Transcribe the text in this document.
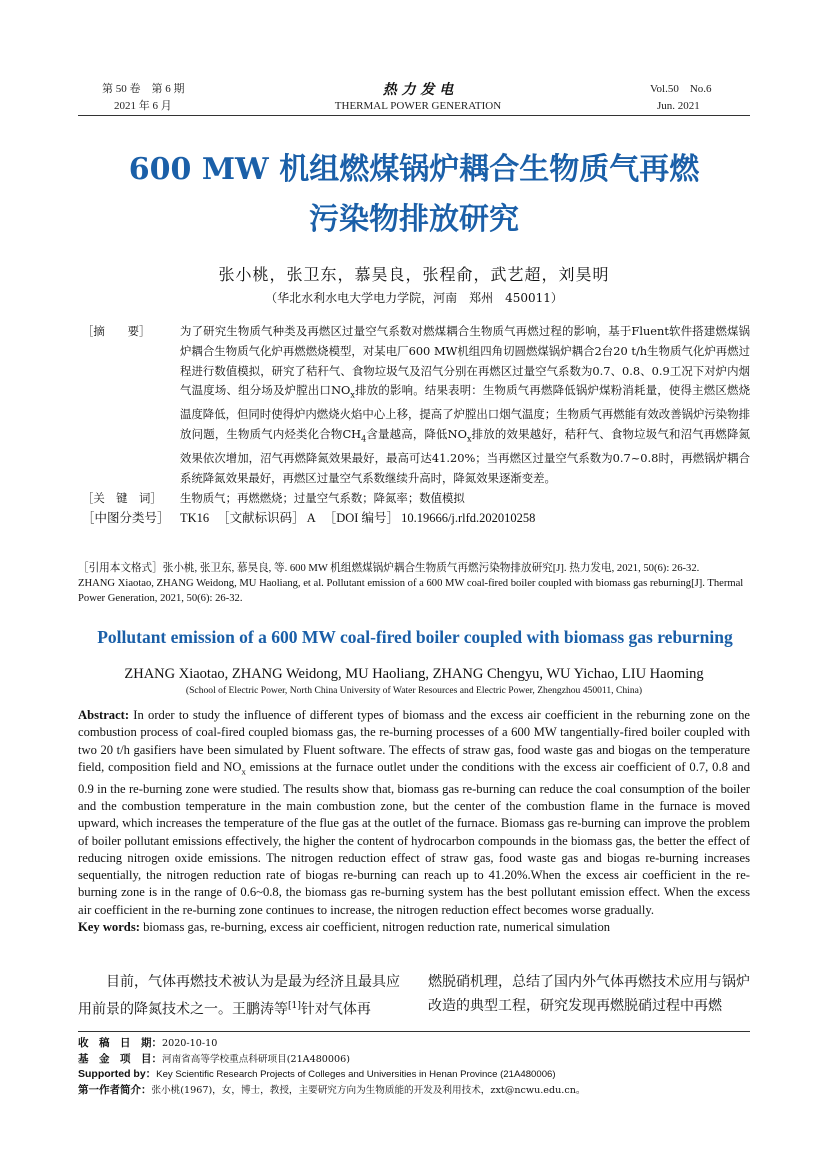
第 50 卷　第 6 期
2021 年 6 月
热 力 发 电
THERMAL POWER GENERATION
Vol.50　No.6
Jun. 2021
600 MW 机组燃煤锅炉耦合生物质气再燃
污染物排放研究
张小桃，张卫东，慕昊良，张程俞，武艺超，刘昊明
（华北水利水电大学电力学院，河南　郑州　450011）
［摘　　要］	为了研究生物质气种类及再燃区过量空气系数对燃煤耦合生物质气再燃过程的影响，基于Fluent软件搭建燃煤锅炉耦合生物质气化炉再燃燃烧模型，对某电厂600 MW机组四角切圆燃煤锅炉耦合2台20 t/h生物质气化炉再燃过程进行数值模拟，研究了秸秆气、食物垃圾气及沼气分别在再燃区过量空气系数为0.7、0.8、0.9工况下对炉内烟气温度场、组分场及炉膛出口$NO_x$排放的影响。结果表明：生物质气再燃降低锅炉煤粉消耗量，使得主燃区燃烧温度降低，但同时使得炉内燃烧火焰中心上移，提高了炉膛出口烟气温度；生物质气再燃能有效改善锅炉污染物排放问题，生物质气内烃类化合物$CH_4$含量越高，降低$NO_x$排放的效果越好，秸秆气、食物垃圾气和沼气再燃降氮效果依次增加，沼气再燃降氮效果最好，最高可达41.20%；当再燃区过量空气系数为0.7~0.8时，再燃锅炉耦合系统降氮效果最好，再燃区过量空气系数继续升高时，降氮效果逐渐变差。
［关　键　词］	生物质气；再燃燃烧；过量空气系数；降氮率；数值模拟
［中图分类号］ TK16 ［文献标识码］ A ［DOI 编号］ 10.19666/j.rlfd.202010258
［引用本文格式］张小桃, 张卫东, 慕昊良, 等. 600 MW 机组燃煤锅炉耦合生物质气再燃污染物排放研究[J]. 热力发电, 2021, 50(6): 26-32.　　ZHANG Xiaotao, ZHANG Weidong, MU Haoliang, et al. Pollutant emission of a 600 MW coal-fired boiler coupled with biomass gas reburning[J]. Thermal Power Generation, 2021, 50(6): 26-32.
Pollutant emission of a 600 MW coal-fired boiler coupled with biomass gas reburning
ZHANG Xiaotao, ZHANG Weidong, MU Haoliang, ZHANG Chengyu, WU Yichao, LIU Haoming
(School of Electric Power, North China University of Water Resources and Electric Power, Zhengzhou 450011, China)
Abstract: In order to study the influence of different types of biomass and the excess air coefficient in the reburning zone on the combustion process of coal-fired coupled biomass gas, the re-burning processes of a 600 MW tangentially-fired boiler coupled with two 20 t/h gasifiers have been simulated by Fluent software. The effects of straw gas, food waste gas and biogas on the temperature field, composition field and $NO_x$ emissions at the furnace outlet under the conditions with the excess air coefficient of 0.7, 0.8 and 0.9 in the re-burning zone were studied. The results show that, biomass gas re-burning can reduce the coal consumption of the boiler and the combustion temperature in the main combustion zone, but the center of the combustion flame in the furnace is moved upward, which increases the temperature of the flue gas at the outlet of the furnace. Biomass gas re-burning can improve the problem of boiler pollutant emissions effectively, the higher the content of hydrocarbon compounds in the biomass gas, the better the effect of reducing nitrogen oxide emissions. The nitrogen reduction effect of straw gas, food waste gas and biogas re-burning increases sequentially, the nitrogen reduction rate of biogas re-burning can reach up to 41.20%.When the excess air coefficient in the re-burning zone is in the range of 0.6~0.8, the biomass gas re-burning system has the best pollutant emission effect. When the excess air coefficient in the re-burning zone continues to increase, the nitrogen reduction effect becomes worse gradually.
Key words: biomass gas, re-burning, excess air coefficient, nitrogen reduction rate, numerical simulation
　　目前，气体再燃技术被认为是最为经济且最具应用前景的降氮技术之一。王鹏涛等[1]针对气体再
燃脱硝机理，总结了国内外气体再燃技术应用与锅炉改造的典型工程，研究发现再燃脱硝过程中再燃
收　稿　日　期：2020-10-10
基　金　项　目：河南省高等学校重点科研项目(21A480006)
Supported by：Key Scientific Research Projects of Colleges and Universities in Henan Province (21A480006)
第一作者简介：张小桃(1967)，女，博士，教授，主要研究方向为生物质能的开发及利用技术，zxt@ncwu.edu.cn。
